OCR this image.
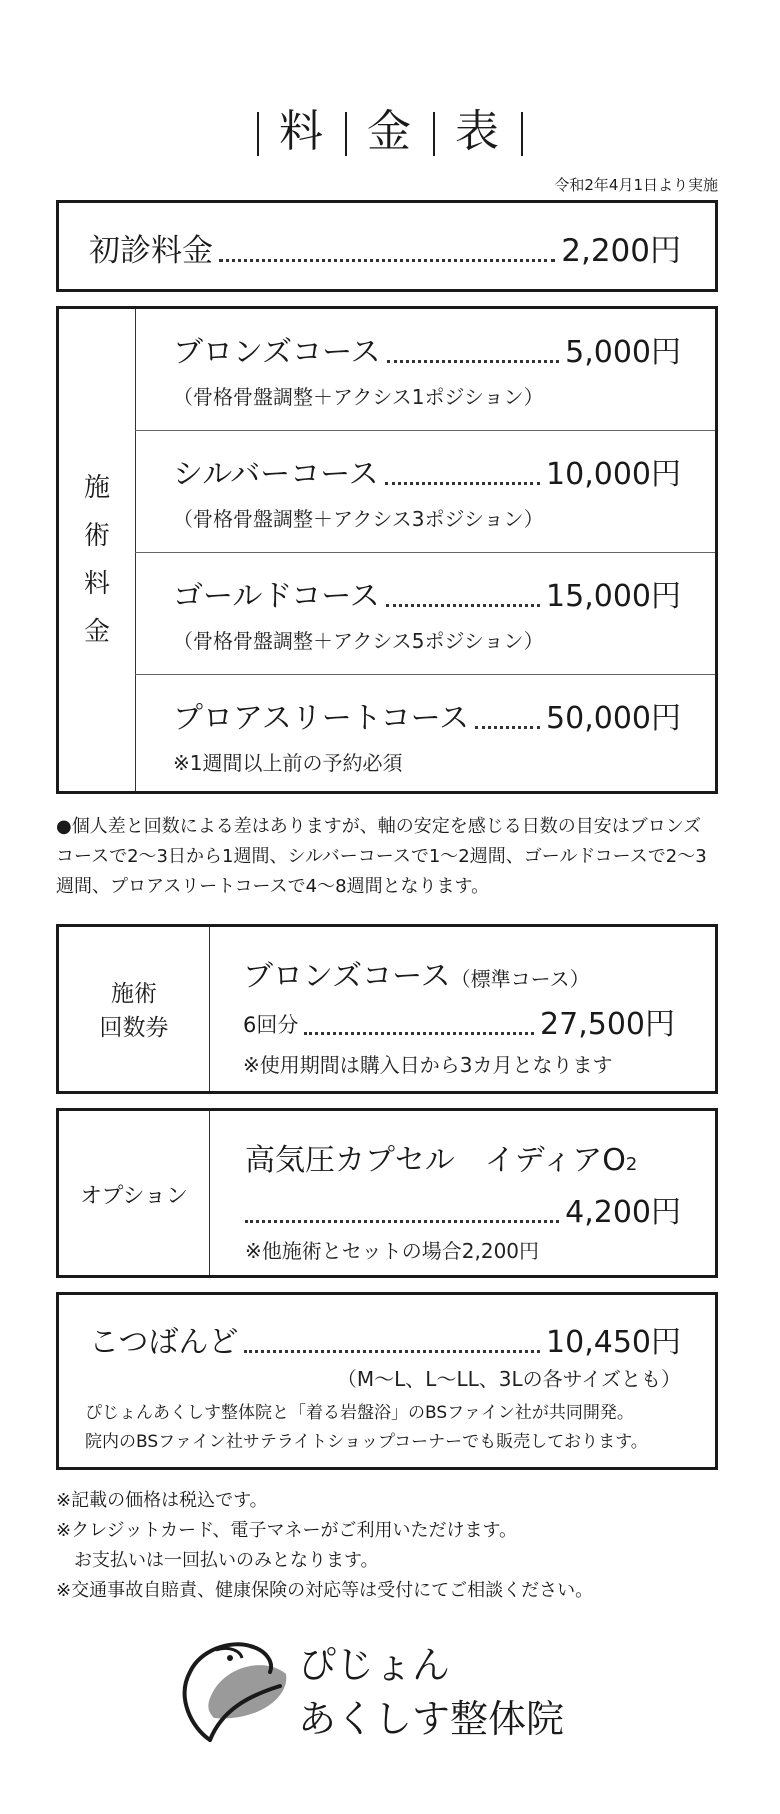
料 金 表
令和2年4月1日より実施
初診料金	2,200円
施
術
料
金
ブロンズコース	5,000円
（骨格骨盤調整＋アクシス1ポジション）
シルバーコース	10,000円
（骨格骨盤調整＋アクシス3ポジション）
ゴールドコース	15,000円
（骨格骨盤調整＋アクシス5ポジション）
プロアスリートコース	50,000円
※1週間以上前の予約必須
●個人差と回数による差はありますが、軸の安定を感じる日数の目安はブロンズ
コースで2〜3日から1週間、シルバーコースで1〜2週間、ゴールドコースで2〜3
週間、プロアスリートコースで4〜8週間となります。
施術
回数券
ブロンズコース（標準コース）
6回分	27,500円
※使用期間は購入日から3カ月となります
オプション
高気圧カプセル　イディアO2
4,200円
※他施術とセットの場合2,200円
こつばんど	10,450円
（M〜L、L〜LL、3Lの各サイズとも）
ぴじょんあくしす整体院と「着る岩盤浴」のBSファイン社が共同開発。
院内のBSファイン社サテライトショップコーナーでも販売しております。
※記載の価格は税込です。
※クレジットカード、電子マネーがご利用いただけます。
　お支払いは一回払いのみとなります。
※交通事故自賠責、健康保険の対応等は受付にてご相談ください。
ぴじょん
あくしす整体院
